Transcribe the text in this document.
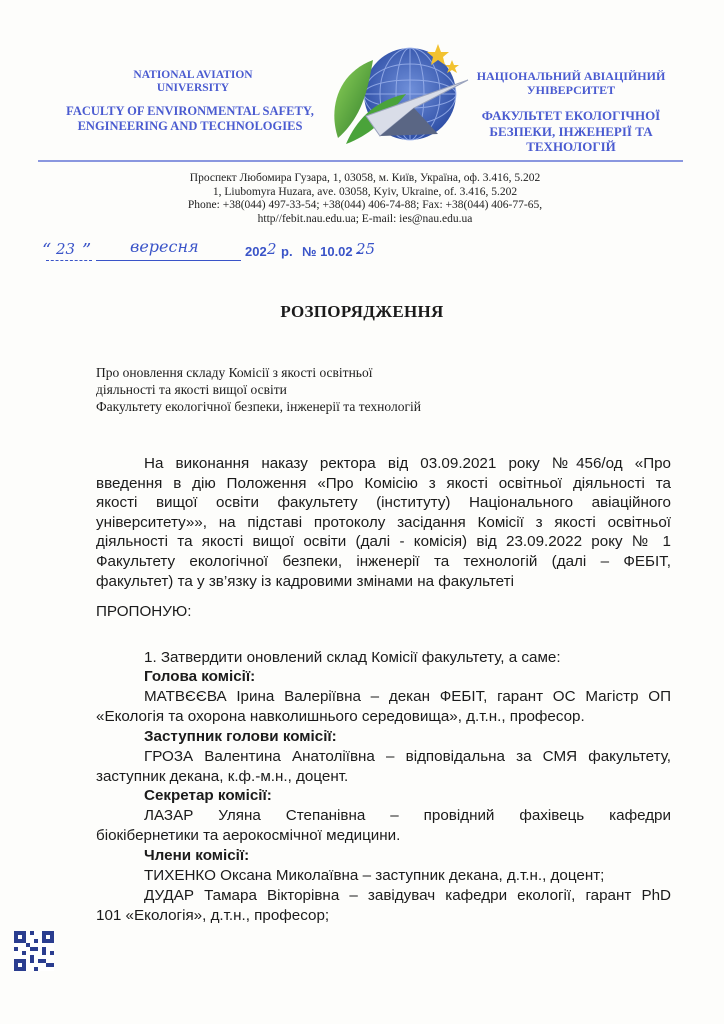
NATIONAL AVIATION UNIVERSITY
FACULTY OF ENVIRONMENTAL SAFETY, ENGINEERING AND TECHNOLOGIES
НАЦІОНАЛЬНИЙ АВІАЦІЙНИЙ УНІВЕРСИТЕТ
ФАКУЛЬТЕТ ЕКОЛОГІЧНОЇ БЕЗПЕКИ, ІНЖЕНЕРІЇ ТА ТЕХНОЛОГІЙ
Проспект Любомира Гузара, 1, 03058, м. Київ, Україна, оф. 3.416, 5.202
1, Liubomyra Huzara, ave. 03058, Kyiv, Ukraine, of. 3.416, 5.202
Phone: +38(044) 497-33-54; +38(044) 406-74-88; Fax: +38(044) 406-77-65,
http//febit.nau.edu.ua; E-mail: ies@nau.edu.ua
“ 23 ” вересня	202 2 р. № 10.02 -
25
РОЗПОРЯДЖЕННЯ
Про оновлення складу Комісії з якості освітньої
діяльності та якості вищої освіти
Факультету екологічної безпеки, інженерії та технологій
На виконання наказу ректора від 03.09.2021 року №456/од «Про
введення в дію Положення «Про Комісію з якості освітньої діяльності та
якості вищої освіти факультету (інституту) Національного авіаційного
університету»», на підставі протоколу засідання Комісії з якості освітньої
діяльності та якості вищої освіти (далі - комісія) від 23.09.2022 року № 1
Факультету екологічної безпеки, інженерії та технологій (далі – ФЕБІТ,
факультет) та у зв’язку із кадровими змінами на факультеті
ПРОПОНУЮ:
1. Затвердити оновлений склад Комісії факультету, а саме:
Голова комісії:
МАТВЄЄВА Ірина Валеріївна – декан ФЕБІТ, гарант ОС Магістр ОП
«Екологія та охорона навколишнього середовища», д.т.н., професор.
Заступник голови комісії:
ГРОЗА Валентина Анатоліївна – відповідальна за СМЯ факультету,
заступник декана, к.ф.-м.н., доцент.
Секретар комісії:
ЛАЗАР Уляна Степанівна – провідний фахівець кафедри
біокібернетики та аерокосмічної медицини.
Члени комісії:
ТИХЕНКО Оксана Миколаївна – заступник декана, д.т.н., доцент;
ДУДАР Тамара Вікторівна – завідувач кафедри екології, гарант PhD
101 «Екологія», д.т.н., професор;
